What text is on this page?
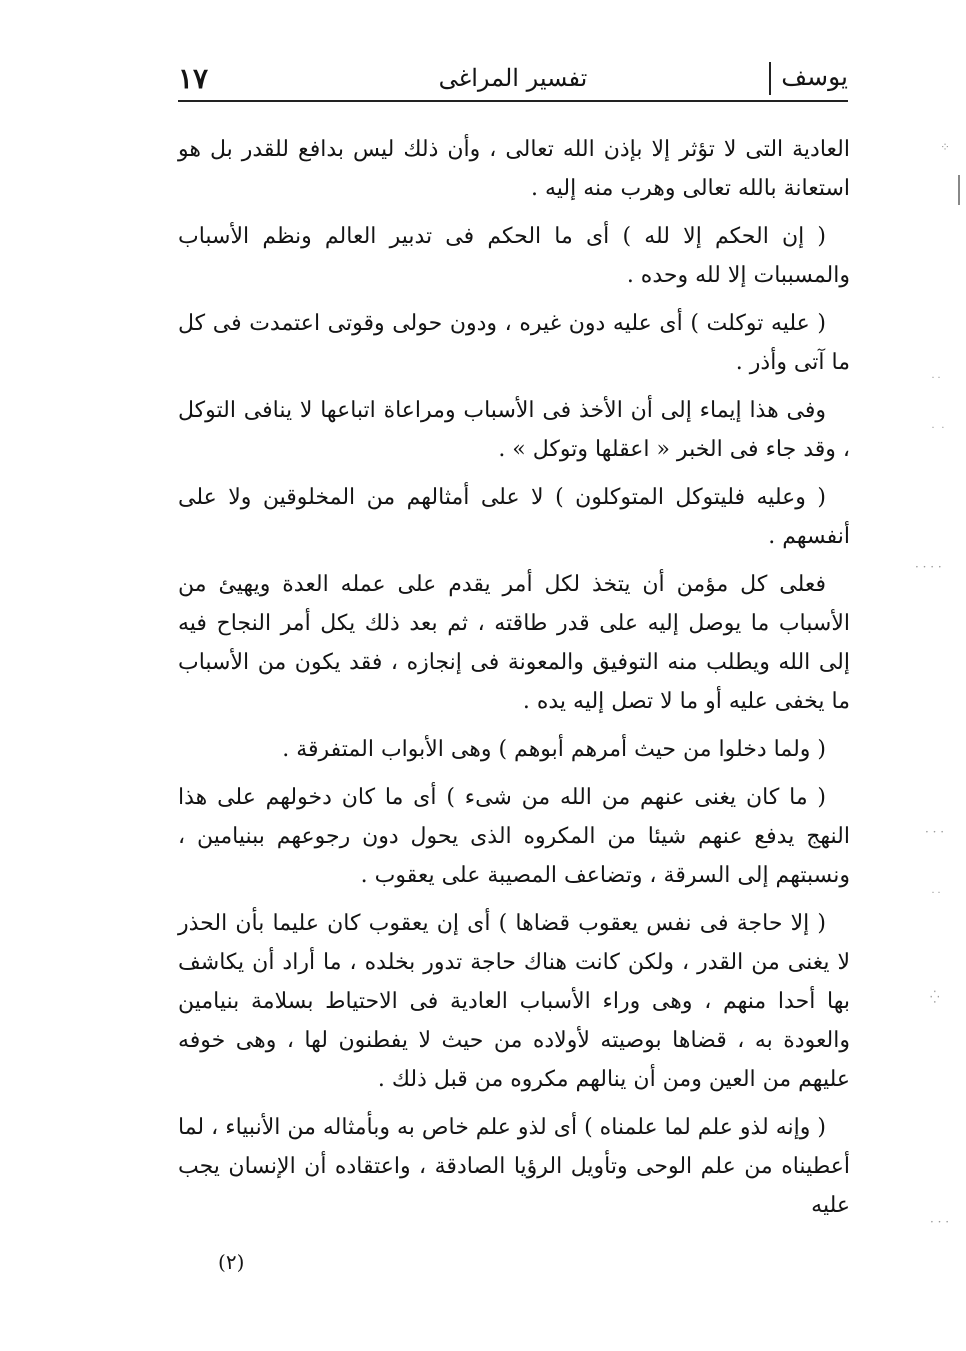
يوسف
تفسير المراغى
١٧

العادية التى لا تؤثر إلا بإذن الله تعالى ، وأن ذلك ليس بدافع للقدر بل هو استعانة بالله تعالى وهرب منه إليه .

( إن الحكم إلا لله ) أى ما الحكم فى تدبير العالم ونظم الأسباب والمسببات إلا لله وحده .

( عليه توكلت ) أى عليه دون غيره ، ودون حولى وقوتى اعتمدت فى كل ما آتى وأذر .

وفى هذا إيماء إلى أن الأخذ فى الأسباب ومراعاة اتباعها لا ينافى التوكل ، وقد جاء فى الخبر « اعقلها وتوكل » .

( وعليه فليتوكل المتوكلون ) لا على أمثالهم من المخلوقين ولا على أنفسهم .

فعلى كل مؤمن أن يتخذ لكل أمر يقدم على عمله العدة ويهيئ من الأسباب ما يوصل إليه على قدر طاقته ، ثم بعد ذلك يكل أمر النجاح فيه إلى الله ويطلب منه التوفيق والمعونة فى إنجازه ، فقد يكون من الأسباب ما يخفى عليه أو ما لا تصل إليه يده .

( ولما دخلوا من حيث أمرهم أبوهم ) وهى الأبواب المتفرقة .

( ما كان يغنى عنهم من الله من شىء ) أى ما كان دخولهم على هذا النهج يدفع عنهم شيئا من المكروه الذى يحول دون رجوعهم ببنيامين ، ونسبتهم إلى السرقة ، وتضاعف المصيبة على يعقوب .

( إلا حاجة فى نفس يعقوب قضاها ) أى إن يعقوب كان عليما بأن الحذر لا يغنى من القدر ، ولكن كانت هناك حاجة تدور بخلده ، ما أراد أن يكاشف بها أحدا منهم ، وهى وراء الأسباب العادية فى الاحتياط بسلامة بنيامين والعودة به ، قضاها بوصيته لأولاده من حيث لا يفطنون لها ، وهى خوفه عليهم من العين ومن أن ينالهم مكروه من قبل ذلك .

( وإنه لذو علم لما علمناه ) أى لذو علم خاص به وبأمثاله من الأنبياء ، لما أعطيناه من علم الوحى وتأويل الرؤيا الصادقة ، واعتقاده أن الإنسان يجب عليه

(٢)
⁘
˙˙
˙ ˙
· · · ·
· · ·
˙˙
⁛
· · ·
